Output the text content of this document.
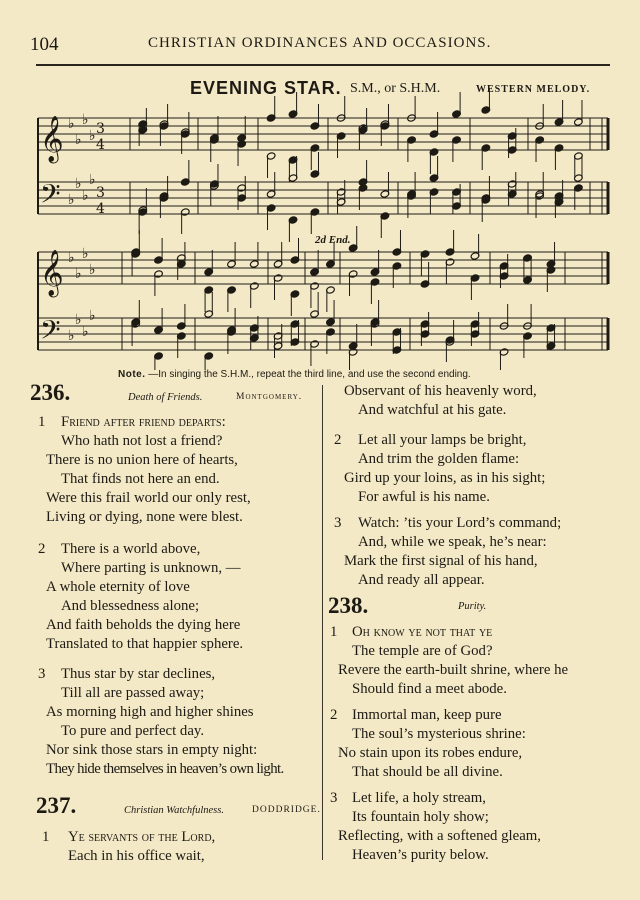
104	CHRISTIAN ORDINANCES AND OCCASIONS.
EVENING STAR. S.M., or S.H.M.	WESTERN MELODY.
𝄞 ♭
♭
♭
♭ 3
4
𝄢 ♭
♭
♭
♭
3
4
𝄞 ♭
♭
♭
♭
𝄢 ♭
♭
♭
♭
2d End.
Note. —In singing the S.H.M., repeat the third line, and use the second ending.
236.	Death of Friends.	Montgomery.
1 Friend after friend departs:
Who hath not lost a friend?
There is no union here of hearts,
That finds not here an end.
Were this frail world our only rest,
Living or dying, none were blest.
2 There is a world above,
Where parting is unknown, —
A whole eternity of love
And blessedness alone;
And faith beholds the dying here
Translated to that happier sphere.
3 Thus star by star declines,
Till all are passed away;
As morning high and higher shines
To pure and perfect day.
Nor sink those stars in empty night:
They hide themselves in heaven’s own light.
237.	Christian Watchfulness.	DODDRIDGE.
1 Ye servants of the Lord,
Each in his office wait,
Observant of his heavenly word,
And watchful at his gate.
2 Let all your lamps be bright,
And trim the golden flame:
Gird up your loins, as in his sight;
For awful is his name.
3 Watch: ’tis your Lord’s command;
And, while we speak, he’s near:
Mark the first signal of his hand,
And ready all appear.
238.	Purity.
1 Oh know ye not that ye
The temple are of God?
Revere the earth-built shrine, where he
Should find a meet abode.
2 Immortal man, keep pure
The soul’s mysterious shrine:
No stain upon its robes endure,
That should be all divine.
3 Let life, a holy stream,
Its fountain holy show;
Reflecting, with a softened gleam,
Heaven’s purity below.
